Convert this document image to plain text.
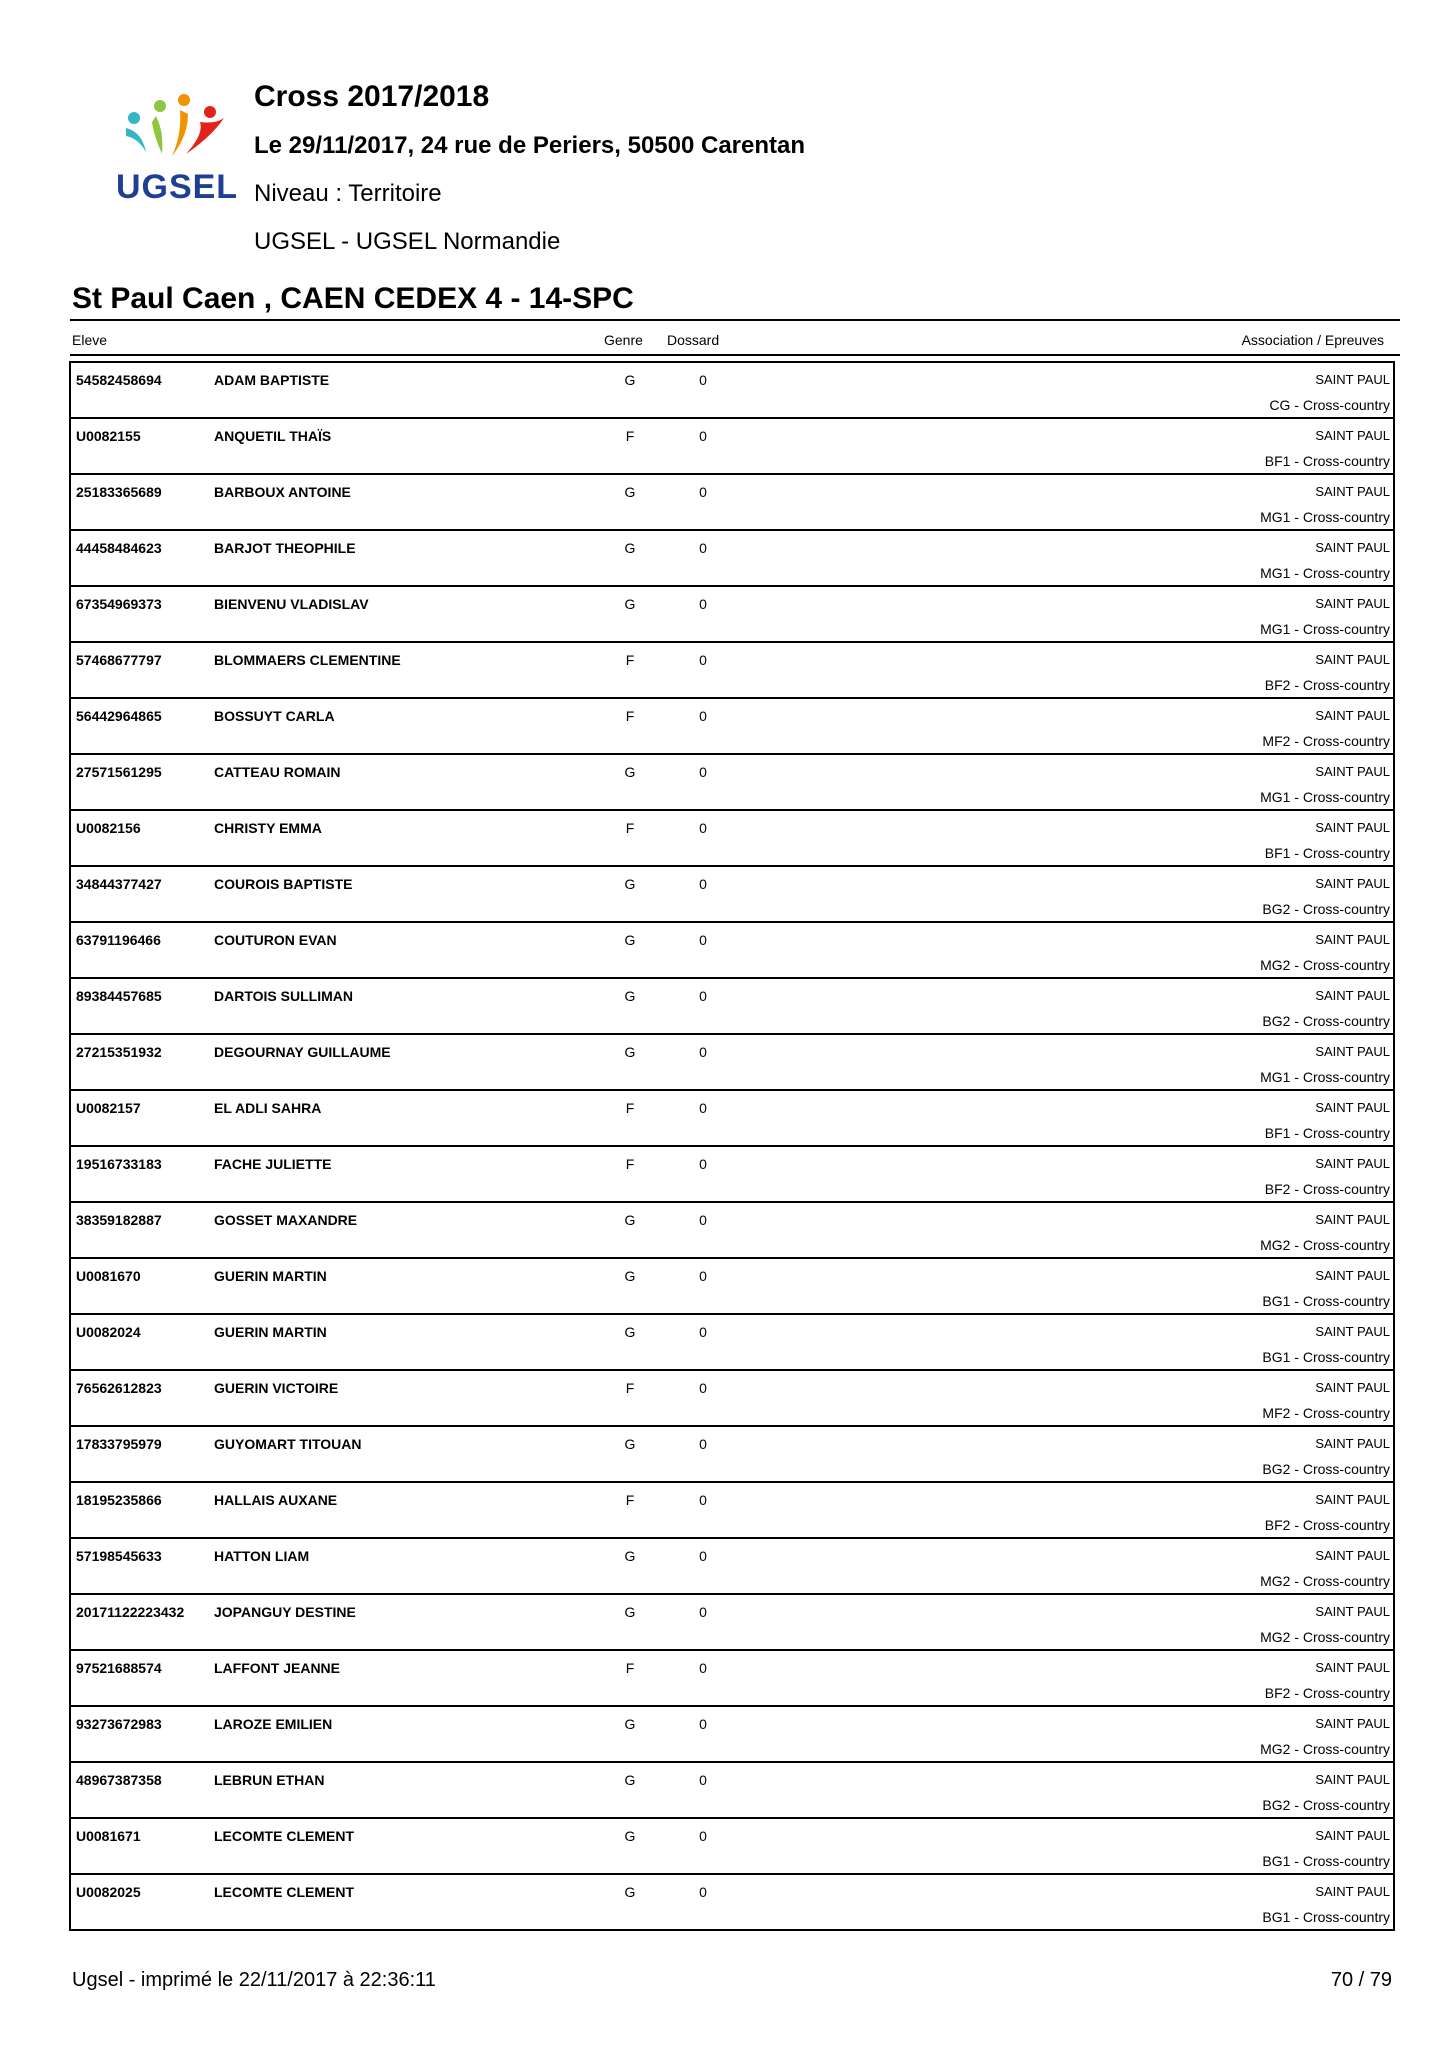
UGSEL
Cross 2017/2018
Le 29/11/2017, 24 rue de Periers, 50500 Carentan
Niveau : Territoire
UGSEL - UGSEL Normandie
St Paul Caen , CAEN CEDEX 4 - 14-SPC
Eleve	Genre Dossard	Association / Epreuves
54582458694	ADAM BAPTISTE	G	0	SAINT PAUL
CG - Cross-country
U0082155	ANQUETIL THAÏS	F	0	SAINT PAUL
BF1 - Cross-country
25183365689	BARBOUX ANTOINE	G	0	SAINT PAUL
MG1 - Cross-country
44458484623	BARJOT THEOPHILE	G	0	SAINT PAUL
MG1 - Cross-country
67354969373	BIENVENU VLADISLAV	G	0	SAINT PAUL
MG1 - Cross-country
57468677797	BLOMMAERS CLEMENTINE	F	0	SAINT PAUL
BF2 - Cross-country
56442964865	BOSSUYT CARLA	F	0	SAINT PAUL
MF2 - Cross-country
27571561295	CATTEAU ROMAIN	G	0	SAINT PAUL
MG1 - Cross-country
U0082156	CHRISTY EMMA	F	0	SAINT PAUL
BF1 - Cross-country
34844377427	COUROIS BAPTISTE	G	0	SAINT PAUL
BG2 - Cross-country
63791196466	COUTURON EVAN	G	0	SAINT PAUL
MG2 - Cross-country
89384457685	DARTOIS SULLIMAN	G	0	SAINT PAUL
BG2 - Cross-country
27215351932	DEGOURNAY GUILLAUME	G	0	SAINT PAUL
MG1 - Cross-country
U0082157	EL ADLI SAHRA	F	0	SAINT PAUL
BF1 - Cross-country
19516733183	FACHE JULIETTE	F	0	SAINT PAUL
BF2 - Cross-country
38359182887	GOSSET MAXANDRE	G	0	SAINT PAUL
MG2 - Cross-country
U0081670	GUERIN MARTIN	G	0	SAINT PAUL
BG1 - Cross-country
U0082024	GUERIN MARTIN	G	0	SAINT PAUL
BG1 - Cross-country
76562612823	GUERIN VICTOIRE	F	0	SAINT PAUL
MF2 - Cross-country
17833795979	GUYOMART TITOUAN	G	0	SAINT PAUL
BG2 - Cross-country
18195235866	HALLAIS AUXANE	F	0	SAINT PAUL
BF2 - Cross-country
57198545633	HATTON LIAM	G	0	SAINT PAUL
MG2 - Cross-country
20171122223432 JOPANGUY DESTINE	G	0	SAINT PAUL
MG2 - Cross-country
97521688574	LAFFONT JEANNE	F	0	SAINT PAUL
BF2 - Cross-country
93273672983	LAROZE EMILIEN	G	0	SAINT PAUL
MG2 - Cross-country
48967387358	LEBRUN ETHAN	G	0	SAINT PAUL
BG2 - Cross-country
U0081671	LECOMTE CLEMENT	G	0	SAINT PAUL
BG1 - Cross-country
U0082025	LECOMTE CLEMENT	G	0	SAINT PAUL
BG1 - Cross-country
Ugsel - imprimé le 22/11/2017 à 22:36:11	70 / 79
